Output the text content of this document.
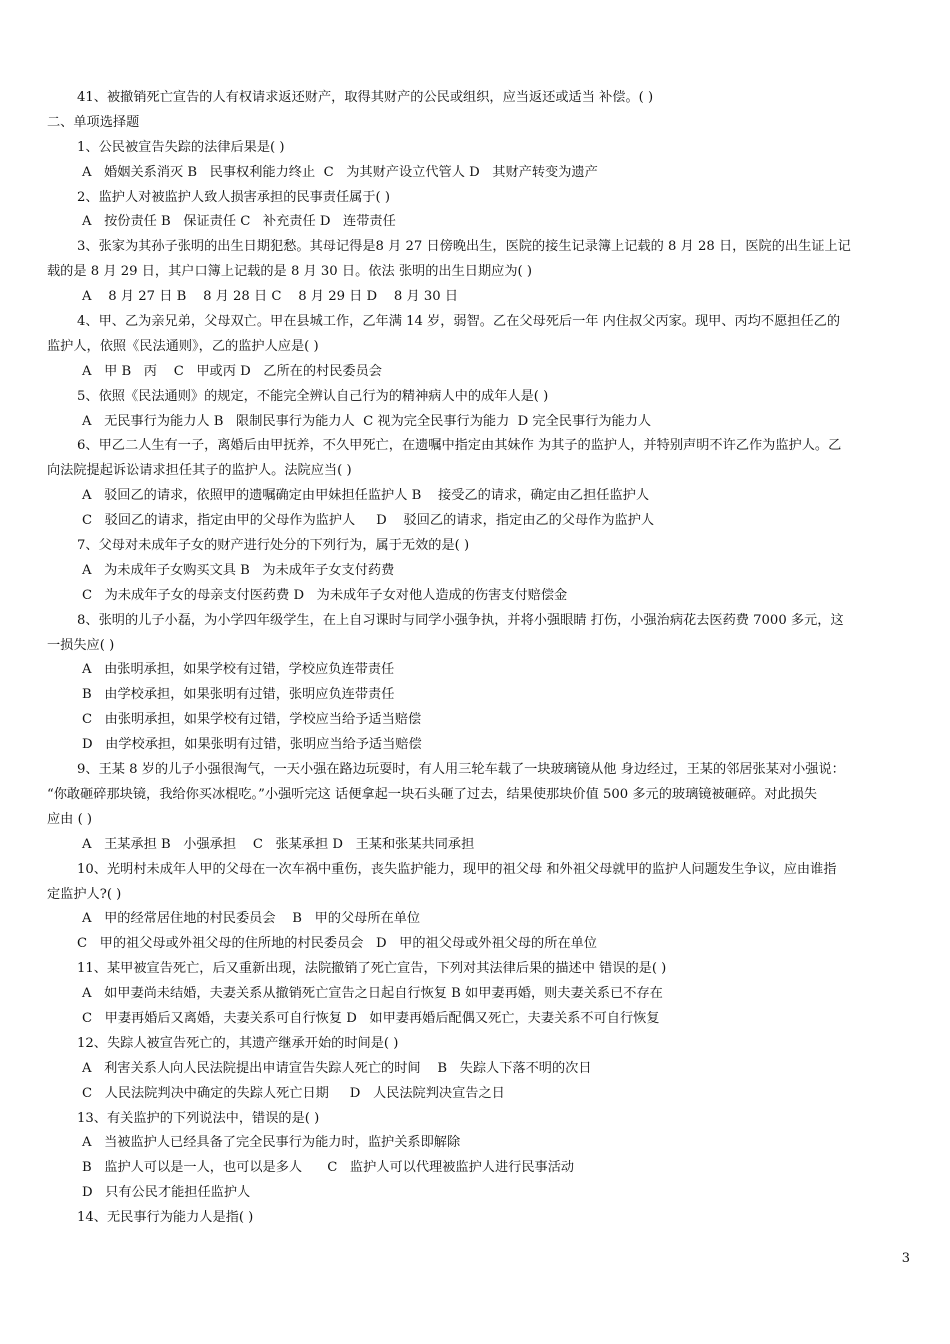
41、被撤销死亡宣告的人有权请求返还财产，取得其财产的公民或组织，应当返还或适当 补偿。( )
二、单项选择题
1、公民被宣告失踪的法律后果是( )
A   婚姻关系消灭 B   民事权利能力终止  C   为其财产设立代管人 D   其财产转变为遗产
2、监护人对被监护人致人损害承担的民事责任属于( )
A   按份责任 B   保证责任 C   补充责任 D   连带责任
3、张家为其孙子张明的出生日期犯愁。其母记得是8 月 27 日傍晚出生，医院的接生记录簿上记载的 8 月 28 日，医院的出生证上记
载的是 8 月 29 日，其户口簿上记载的是 8 月 30 日。依法 张明的出生日期应为( )
A    8 月 27 日 B    8 月 28 日 C    8 月 29 日 D    8 月 30 日
4、甲、乙为亲兄弟，父母双亡。甲在县城工作，乙年满 14 岁，弱智。乙在父母死后一年 内住叔父丙家。现甲、丙均不愿担任乙的
监护人，依照《民法通则》，乙的监护人应是( )
A   甲 B   丙    C   甲或丙 D   乙所在的村民委员会
5、依照《民法通则》的规定，不能完全辨认自己行为的精神病人中的成年人是( )
A   无民事行为能力人 B   限制民事行为能力人  C 视为完全民事行为能力  D 完全民事行为能力人
6、甲乙二人生有一子，离婚后由甲抚养，不久甲死亡，在遗嘱中指定由其妹作 为其子的监护人，并特别声明不许乙作为监护人。乙
向法院提起诉讼请求担任其子的监护人。法院应当( )
A   驳回乙的请求，依照甲的遗嘱确定由甲妹担任监护人 B    接受乙的请求，确定由乙担任监护人
C   驳回乙的请求，指定由甲的父母作为监护人     D    驳回乙的请求，指定由乙的父母作为监护人
7、父母对未成年子女的财产进行处分的下列行为，属于无效的是( )
A   为未成年子女购买文具 B   为未成年子女支付药费
C   为未成年子女的母亲支付医药费 D   为未成年子女对他人造成的伤害支付赔偿金
8、张明的儿子小磊，为小学四年级学生，在上自习课时与同学小强争执，并将小强眼睛 打伤，小强治病花去医药费 7000 多元，这
一损失应( )
A   由张明承担，如果学校有过错，学校应负连带责任
B   由学校承担，如果张明有过错，张明应负连带责任
C   由张明承担，如果学校有过错，学校应当给予适当赔偿
D   由学校承担，如果张明有过错，张明应当给予适当赔偿
9、王某 8 岁的儿子小强很淘气，一天小强在路边玩耍时，有人用三轮车载了一块玻璃镜从他 身边经过，王某的邻居张某对小强说：
“你敢砸碎那块镜，我给你买冰棍吃。”小强听完这 话便拿起一块石头砸了过去，结果使那块价值 500 多元的玻璃镜被砸碎。对此损失
应由 ( )
A   王某承担 B   小强承担    C   张某承担 D   王某和张某共同承担
10、光明村未成年人甲的父母在一次车祸中重伤，丧失监护能力，现甲的祖父母 和外祖父母就甲的监护人问题发生争议，应由谁指
定监护人?( )
A   甲的经常居住地的村民委员会    B   甲的父母所在单位
C   甲的祖父母或外祖父母的住所地的村民委员会   D   甲的祖父母或外祖父母的所在单位
11、某甲被宣告死亡，后又重新出现，法院撤销了死亡宣告，下列对其法律后果的描述中 错误的是( )
A   如甲妻尚未结婚，夫妻关系从撤销死亡宣告之日起自行恢复 B 如甲妻再婚，则夫妻关系已不存在
C   甲妻再婚后又离婚，夫妻关系可自行恢复 D   如甲妻再婚后配偶又死亡，夫妻关系不可自行恢复
12、失踪人被宣告死亡的，其遗产继承开始的时间是( )
A   利害关系人向人民法院提出申请宣告失踪人死亡的时间    B   失踪人下落不明的次日
C   人民法院判决中确定的失踪人死亡日期     D   人民法院判决宣告之日
13、有关监护的下列说法中，错误的是( )
A   当被监护人已经具备了完全民事行为能力时，监护关系即解除
B   监护人可以是一人，也可以是多人      C   监护人可以代理被监护人进行民事活动
D   只有公民才能担任监护人
14、无民事行为能力人是指( )
3
